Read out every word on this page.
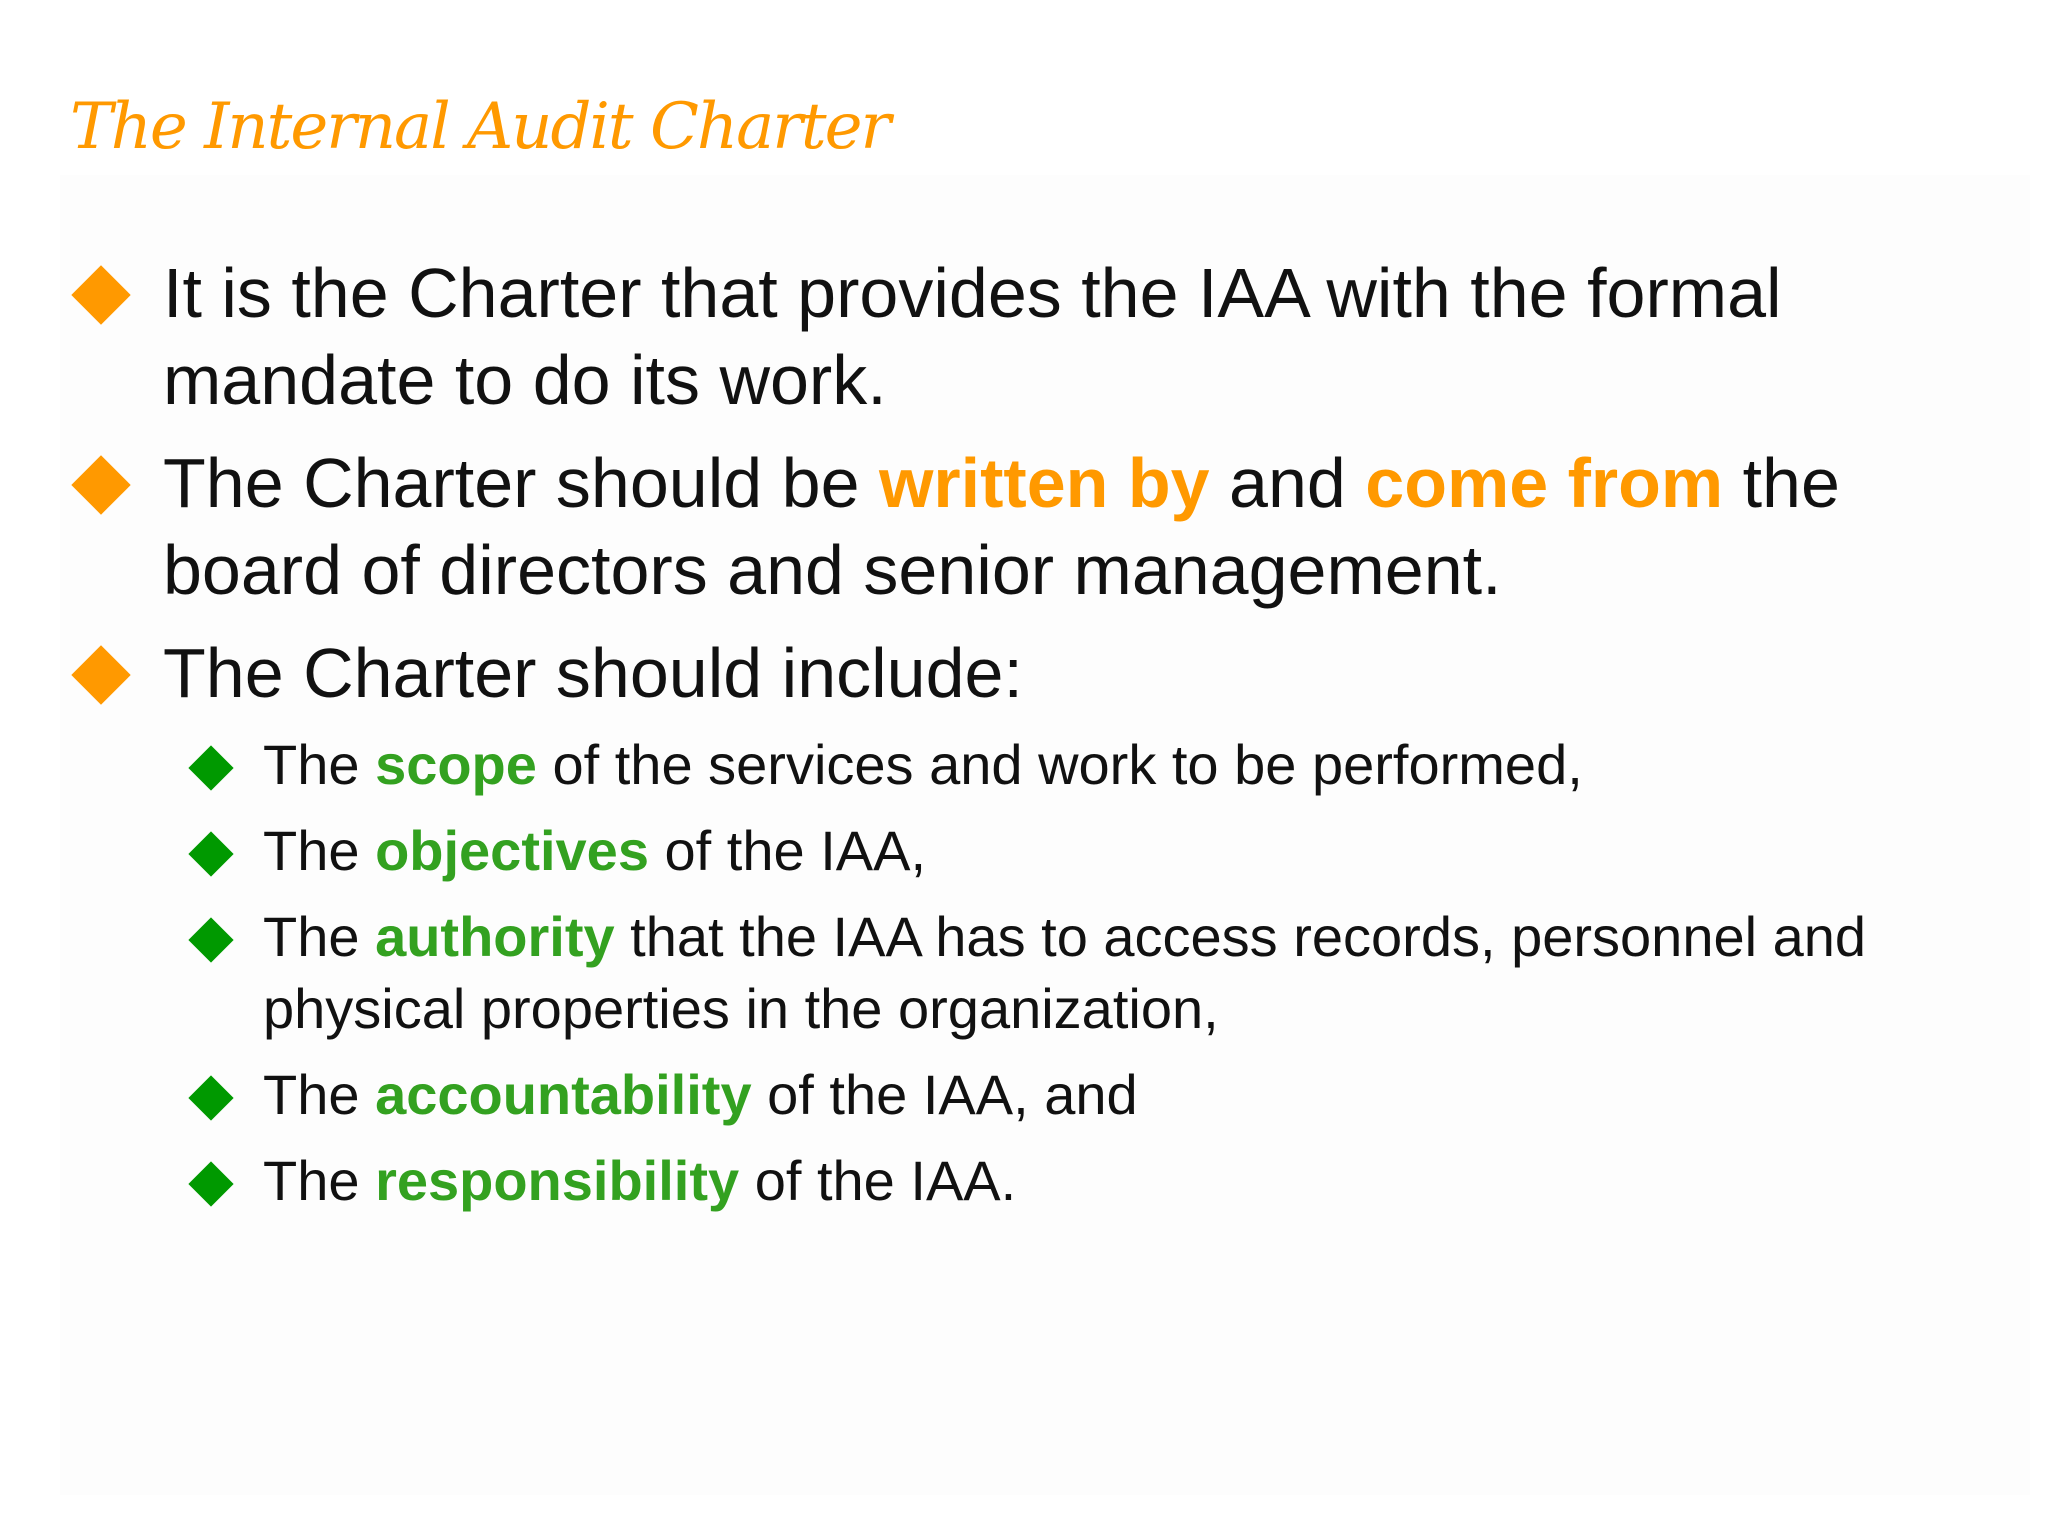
The Internal Audit Charter
It is the Charter that provides the IAA with the formal mandate to do its work.
The Charter should be written by and come from the board of directors and senior management.
The Charter should include:
The scope of the services and work to be performed,
The objectives of the IAA,
The authority that the IAA has to access records, personnel and physical properties in the organization,
The accountability of the IAA, and
The responsibility of the IAA.
